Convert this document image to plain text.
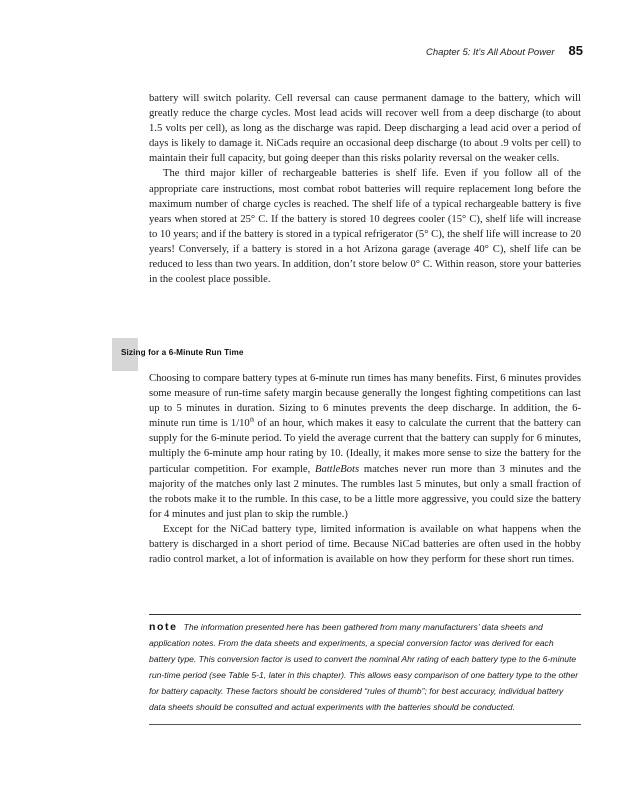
Chapter 5: It’s All About Power 85

battery will switch polarity. Cell reversal can cause permanent damage to the battery, which will greatly reduce the charge cycles. Most lead acids will recover well from a deep discharge (to about 1.5 volts per cell), as long as the discharge was rapid. Deep discharging a lead acid over a period of days is likely to damage it. NiCads require an occasional deep discharge (to about .9 volts per cell) to maintain their full capacity, but going deeper than this risks polarity reversal on the weaker cells.

The third major killer of rechargeable batteries is shelf life. Even if you follow all of the appropriate care instructions, most combat robot batteries will require replacement long before the maximum number of charge cycles is reached. The shelf life of a typical rechargeable battery is five years when stored at 25° C. If the battery is stored 10 degrees cooler (15° C), shelf life will increase to 10 years; and if the battery is stored in a typical refrigerator (5° C), the shelf life will increase to 20 years! Conversely, if a battery is stored in a hot Arizona garage (average 40° C), shelf life can be reduced to less than two years. In addition, don’t store below 0° C. Within reason, store your batteries in the coolest place possible.

Sizing for a 6-Minute Run Time

Choosing to compare battery types at 6-minute run times has many benefits. First, 6 minutes provides some measure of run-time safety margin because generally the longest fighting competitions can last up to 5 minutes in duration. Sizing to 6 minutes prevents the deep discharge. In addition, the 6-minute run time is 1/10th of an hour, which makes it easy to calculate the current that the battery can supply for the 6-minute period. To yield the average current that the battery can supply for 6 minutes, multiply the 6-minute amp hour rating by 10. (Ideally, it makes more sense to size the battery for the particular competition. For example, BattleBots matches never run more than 3 minutes and the majority of the matches only last 2 minutes. The rumbles last 5 minutes, but only a small fraction of the robots make it to the rumble. In this case, to be a little more aggressive, you could size the battery for 4 minutes and just plan to skip the rumble.)

Except for the NiCad battery type, limited information is available on what happens when the battery is discharged in a short period of time. Because NiCad batteries are often used in the hobby radio control market, a lot of information is available on how they perform for these short run times.

note The information presented here has been gathered from many manufacturers’ data sheets and application notes. From the data sheets and experiments, a special conversion factor was derived for each battery type. This conversion factor is used to convert the nominal Ahr rating of each battery type to the 6-minute run-time period (see Table 5-1, later in this chapter). This allows easy comparison of one battery type to the other for battery capacity. These factors should be considered “rules of thumb”; for best accuracy, individual battery data sheets should be consulted and actual experiments with the batteries should be conducted.
